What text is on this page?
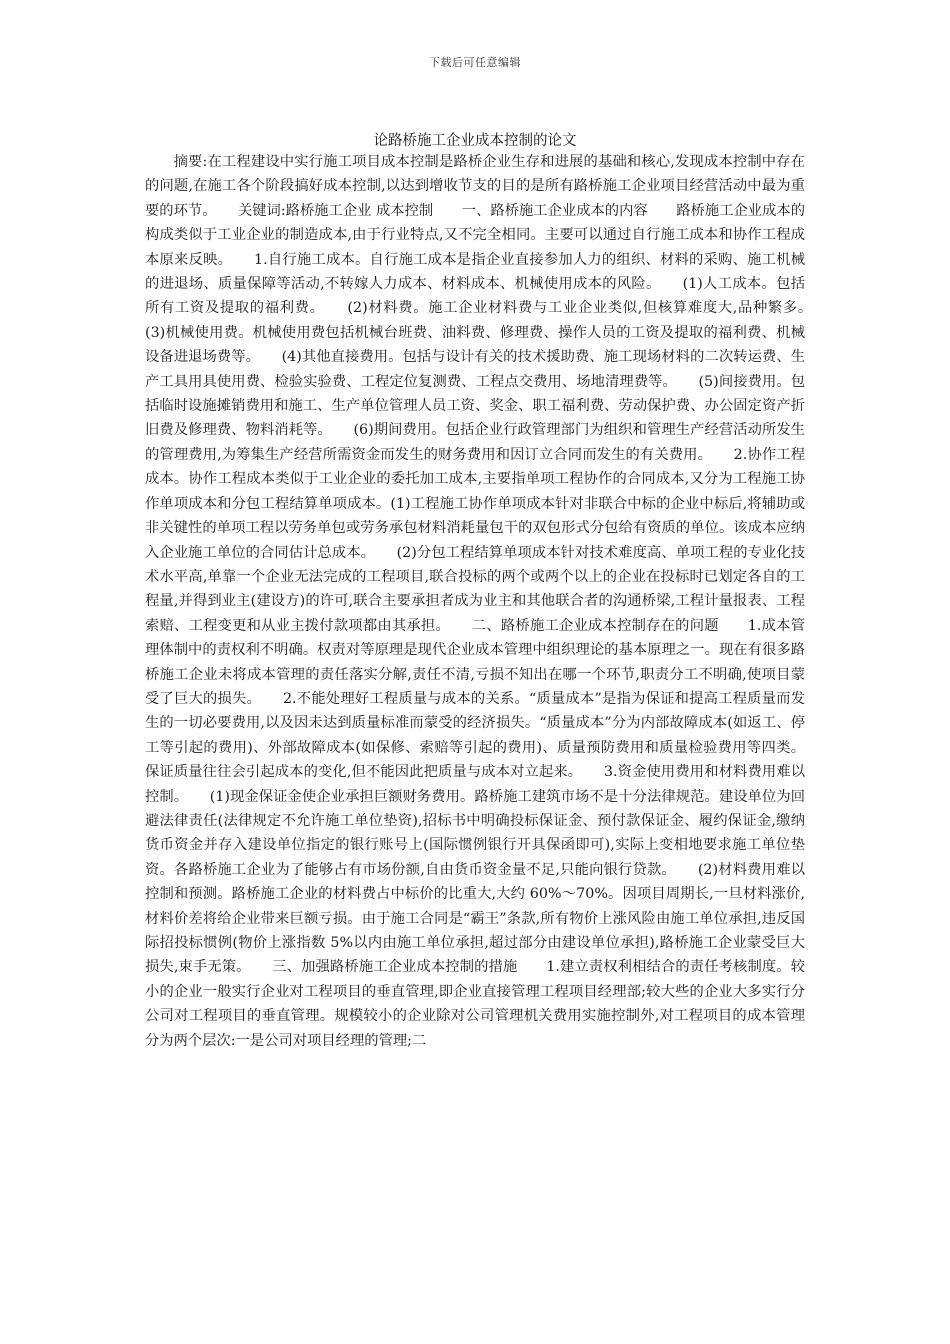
下载后可任意编辑
论路桥施工企业成本控制的论文

摘要:在工程建设中实行施工项目成本控制是路桥企业生存和进展的基础和核心,发现成本控制中存在的问题,在施工各个阶段搞好成本控制,以达到增收节支的目的是所有路桥施工企业项目经营活动中最为重要的环节。　　关键词:路桥施工企业 成本控制　　一、路桥施工企业成本的内容　　路桥施工企业成本的构成类似于工业企业的制造成本,由于行业特点,又不完全相同。主要可以通过自行施工成本和协作工程成本原来反映。　　1.自行施工成本。自行施工成本是指企业直接参加人力的组织、材料的采购、施工机械的进退场、质量保障等活动,不转嫁人力成本、材料成本、机械使用成本的风险。　　(1)人工成本。包括所有工资及提取的福利费。　　(2)材料费。施工企业材料费与工业企业类似,但核算难度大,品种繁多。　　(3)机械使用费。机械使用费包括机械台班费、油料费、修理费、操作人员的工资及提取的福利费、机械设备进退场费等。　　(4)其他直接费用。包括与设计有关的技术援助费、施工现场材料的二次转运费、生产工具用具使用费、检验实验费、工程定位复测费、工程点交费用、场地清理费等。　　(5)间接费用。包括临时设施摊销费用和施工、生产单位管理人员工资、奖金、职工福利费、劳动保护费、办公固定资产折旧费及修理费、物料消耗等。　　(6)期间费用。包括企业行政管理部门为组织和管理生产经营活动所发生的管理费用,为筹集生产经营所需资金而发生的财务费用和因订立合同而发生的有关费用。　　2.协作工程成本。协作工程成本类似于工业企业的委托加工成本,主要指单项工程协作的合同成本,又分为工程施工协作单项成本和分包工程结算单项成本。(1)工程施工协作单项成本针对非联合中标的企业中标后,将辅助或非关键性的单项工程以劳务单包或劳务承包材料消耗量包干的双包形式分包给有资质的单位。该成本应纳入企业施工单位的合同估计总成本。　　(2)分包工程结算单项成本针对技术难度高、单项工程的专业化技术水平高,单靠一个企业无法完成的工程项目,联合投标的两个或两个以上的企业在投标时已划定各自的工程量,并得到业主(建设方)的许可,联合主要承担者成为业主和其他联合者的沟通桥梁,工程计量报表、工程索赔、工程变更和从业主拨付款项都由其承担。　　二、路桥施工企业成本控制存在的问题　　1.成本管理体制中的责权利不明确。权责对等原理是现代企业成本管理中组织理论的基本原理之一。现在有很多路桥施工企业未将成本管理的责任落实分解,责任不清,亏损不知出在哪一个环节,职责分工不明确,使项目蒙受了巨大的损失。　　2.不能处理好工程质量与成本的关系。“质量成本”是指为保证和提高工程质量而发生的一切必要费用,以及因未达到质量标准而蒙受的经济损失。“质量成本”分为内部故障成本(如返工、停工等引起的费用)、外部故障成本(如保修、索赔等引起的费用)、质量预防费用和质量检验费用等四类。保证质量往往会引起成本的变化,但不能因此把质量与成本对立起来。　　3.资金使用费用和材料费用难以控制。　　(1)现金保证金使企业承担巨额财务费用。路桥施工建筑市场不是十分法律规范。建设单位为回避法律责任(法律规定不允许施工单位垫资),招标书中明确投标保证金、预付款保证金、履约保证金,缴纳货币资金并存入建设单位指定的银行账号上(国际惯例银行开具保函即可),实际上变相地要求施工单位垫资。各路桥施工企业为了能够占有市场份额,自由货币资金量不足,只能向银行贷款。　　(2)材料费用难以控制和预测。路桥施工企业的材料费占中标价的比重大,大约 60%～70%。因项目周期长,一旦材料涨价,材料价差将给企业带来巨额亏损。由于施工合同是“霸王”条款,所有物价上涨风险由施工单位承担,违反国际招投标惯例(物价上涨指数 5%以内由施工单位承担,超过部分由建设单位承担),路桥施工企业蒙受巨大损失,束手无策。　　三、加强路桥施工企业成本控制的措施　　1.建立责权利相结合的责任考核制度。较小的企业一般实行企业对工程项目的垂直管理,即企业直接管理工程项目经理部;较大些的企业大多实行分公司对工程项目的垂直管理。规模较小的企业除对公司管理机关费用实施控制外,对工程项目的成本管理分为两个层次:一是公司对项目经理的管理;二
